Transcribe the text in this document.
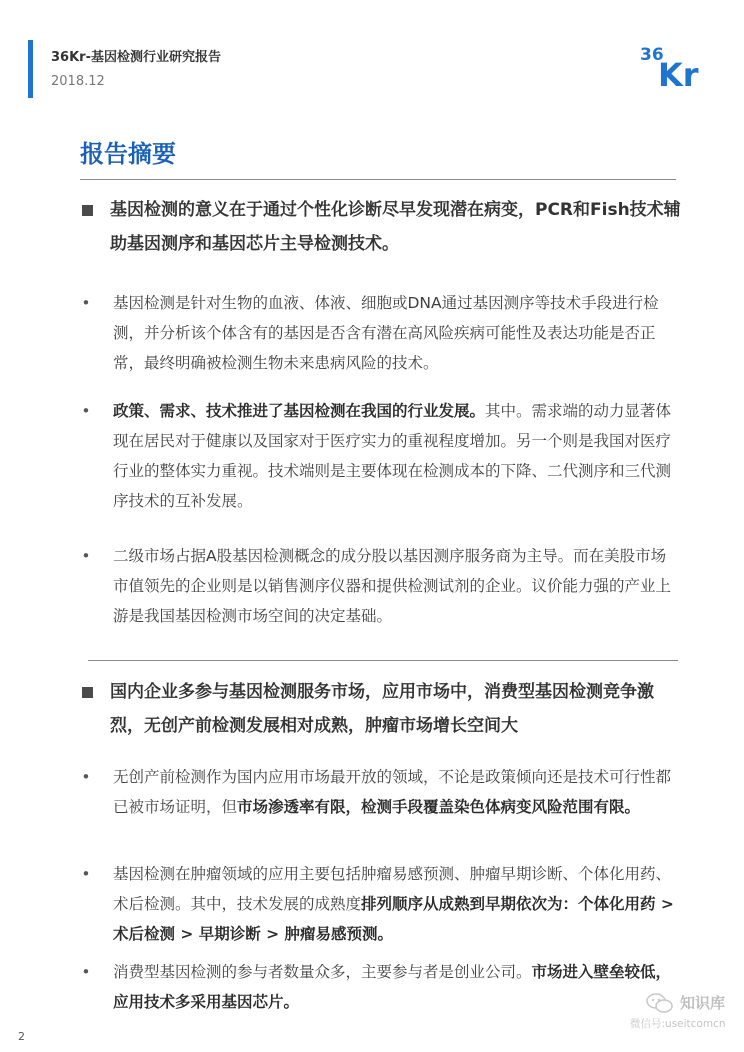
36Kr-基因检测行业研究报告
2018.12
36
Kr
报告摘要
基因检测的意义在于通过个性化诊断尽早发现潜在病变，PCR和Fish技术辅助基因测序和基因芯片主导检测技术。
•	基因检测是针对生物的血液、体液、细胞或DNA通过基因测序等技术手段进行检测，并分析该个体含有的基因是否含有潜在高风险疾病可能性及表达功能是否正常，最终明确被检测生物未来患病风险的技术。
•	政策、需求、技术推进了基因检测在我国的行业发展。其中。需求端的动力显著体现在居民对于健康以及国家对于医疗实力的重视程度增加。另一个则是我国对医疗行业的整体实力重视。技术端则是主要体现在检测成本的下降、二代测序和三代测序技术的互补发展。
•	二级市场占据A股基因检测概念的成分股以基因测序服务商为主导。而在美股市场市值领先的企业则是以销售测序仪器和提供检测试剂的企业。议价能力强的产业上游是我国基因检测市场空间的决定基础。
国内企业多参与基因检测服务市场，应用市场中，消费型基因检测竞争激烈，无创产前检测发展相对成熟，肿瘤市场增长空间大
•	无创产前检测作为国内应用市场最开放的领域，不论是政策倾向还是技术可行性都已被市场证明，但市场渗透率有限，检测手段覆盖染色体病变风险范围有限。
•	基因检测在肿瘤领域的应用主要包括肿瘤易感预测、肿瘤早期诊断、个体化用药、术后检测。其中，技术发展的成熟度排列顺序从成熟到早期依次为：个体化用药 > 术后检测 > 早期诊断 > 肿瘤易感预测。
•	消费型基因检测的参与者数量众多，主要参与者是创业公司。市场进入壁垒较低，应用技术多采用基因芯片。
2
知识库
微信号:useitcomcn
